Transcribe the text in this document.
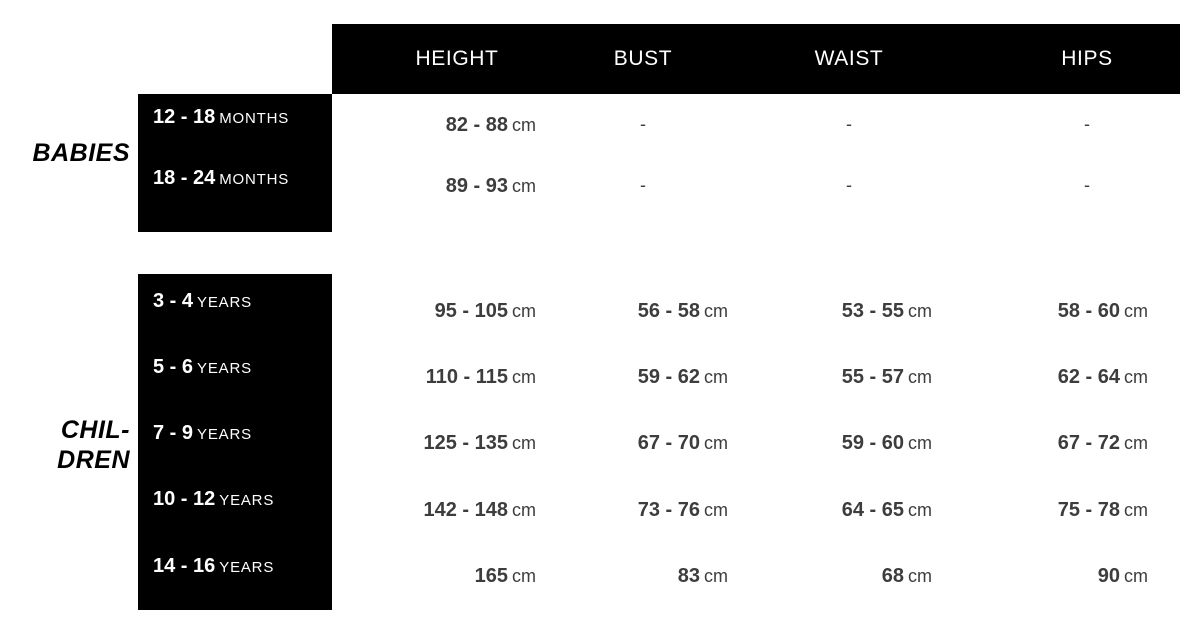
HEIGHT	BUST	WAIST	HIPS
BABIES
12 - 18 MONTHS	82 - 88 cm	-	-	-
18 - 24 MONTHS	89 - 93 cm	-	-	-
CHIL-
DREN
3 - 4 YEARS	95 - 105 cm	56 - 58 cm	53 - 55 cm	58 - 60 cm
5 - 6 YEARS	110 - 115 cm	59 - 62 cm	55 - 57 cm	62 - 64 cm
7 - 9 YEARS	125 - 135 cm	67 - 70 cm	59 - 60 cm	67 - 72 cm
10 - 12 YEARS	142 - 148 cm	73 - 76 cm	64 - 65 cm	75 - 78 cm
14 - 16 YEARS	165 cm	83 cm	68 cm	90 cm
